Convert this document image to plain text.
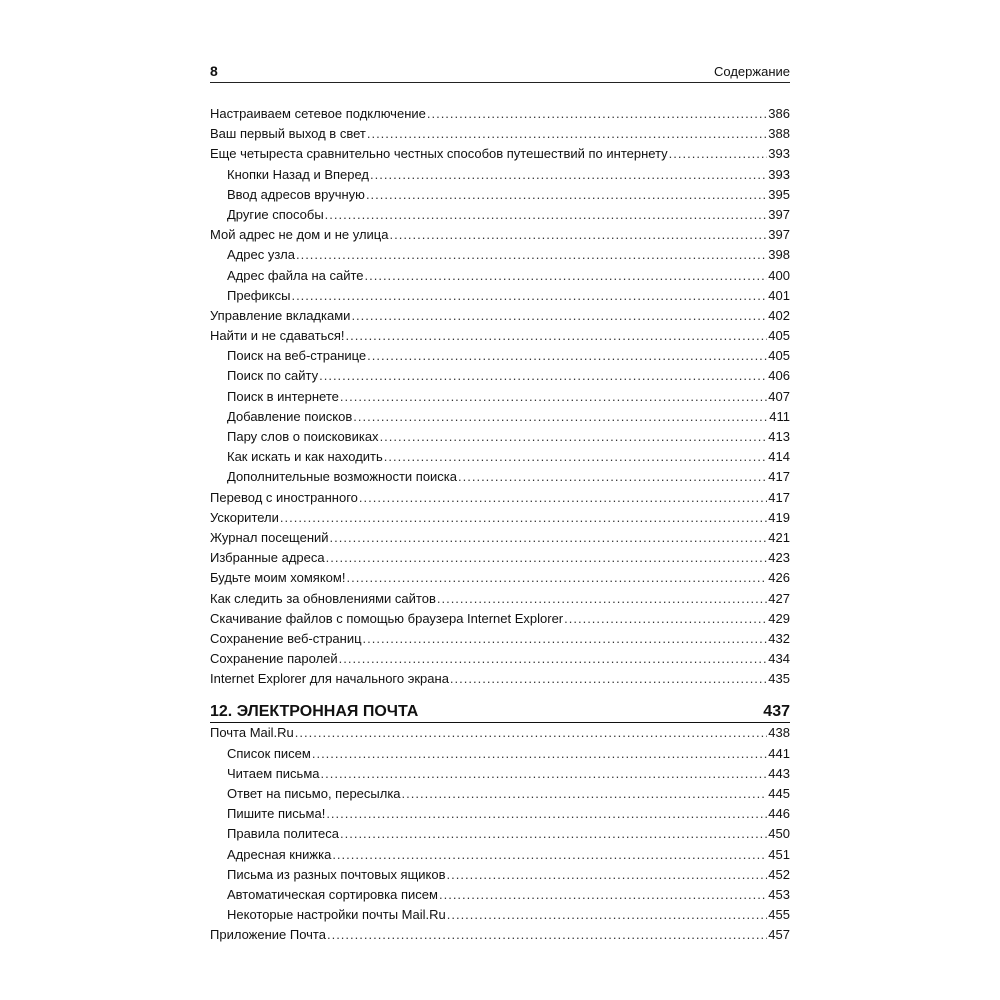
8	Содержание
Настраиваем сетевое подключение .....	386
Ваш первый выход в свет .....	388
Еще четыреста сравнительно честных способов путешествий по интернету .....	393
Кнопки Назад и Вперед .....	393
Ввод адресов вручную .....	395
Другие способы .....	397
Мой адрес не дом и не улица .....	397
Адрес узла .....	398
Адрес файла на сайте .....	400
Префиксы .....	401
Управление вкладками .....	402
Найти и не сдаваться! .....	405
Поиск на веб-странице .....	405
Поиск по сайту .....	406
Поиск в интернете .....	407
Добавление поисков .....	411
Пару слов о поисковиках .....	413
Как искать и как находить .....	414
Дополнительные возможности поиска .....	417
Перевод с иностранного .....	417
Ускорители .....	419
Журнал посещений .....	421
Избранные адреса .....	423
Будьте моим хомяком! .....	426
Как следить за обновлениями сайтов .....	427
Скачивание файлов с помощью браузера Internet Explorer .....	429
Сохранение веб-страниц .....	432
Сохранение паролей .....	434
Internet Explorer для начального экрана .....	435
12. ЭЛЕКТРОННАЯ ПОЧТА	437
Почта Mail.Ru .....	438
Список писем .....	441
Читаем письма .....	443
Ответ на письмо, пересылка .....	445
Пишите письма! .....	446
Правила политеса .....	450
Адресная книжка .....	451
Письма из разных почтовых ящиков .....	452
Автоматическая сортировка писем .....	453
Некоторые настройки почты Mail.Ru .....	455
Приложение Почта .....	457
